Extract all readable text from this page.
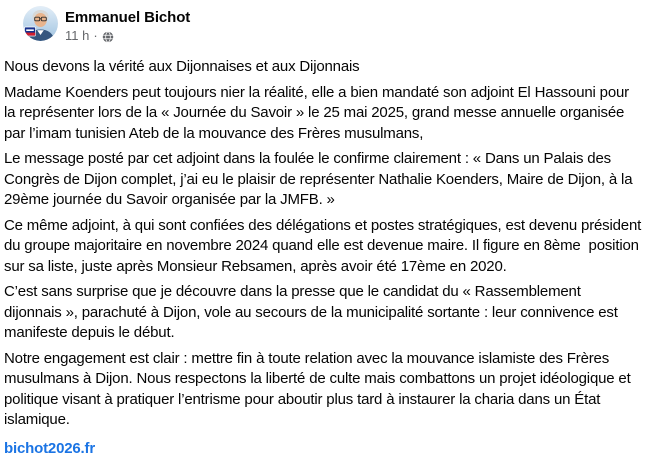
Emmanuel Bichot
11 h ·

Nous devons la vérité aux Dijonnaises et aux Dijonnais

Madame Koenders peut toujours nier la réalité, elle a bien mandaté son adjoint El Hassouni pour la représenter lors de la « Journée du Savoir » le 25 mai 2025, grand messe annuelle organisée par l’imam tunisien Ateb de la mouvance des Frères musulmans,

Le message posté par cet adjoint dans la foulée le confirme clairement : « Dans un Palais des Congrès de Dijon complet, j’ai eu le plaisir de représenter Nathalie Koenders, Maire de Dijon, à la 29ème journée du Savoir organisée par la JMFB. »

Ce même adjoint, à qui sont confiées des délégations et postes stratégiques, est devenu président du groupe majoritaire en novembre 2024 quand elle est devenue maire. Il figure en 8ème  position sur sa liste, juste après Monsieur Rebsamen, après avoir été 17ème en 2020.

C’est sans surprise que je découvre dans la presse que le candidat du « Rassemblement dijonnais », parachuté à Dijon, vole au secours de la municipalité sortante : leur connivence est manifeste depuis le début.

Notre engagement est clair : mettre fin à toute relation avec la mouvance islamiste des Frères musulmans à Dijon. Nous respectons la liberté de culte mais combattons un projet idéologique et politique visant à pratiquer l’entrisme pour aboutir plus tard à instaurer la charia dans un État islamique.

bichot2026.fr
